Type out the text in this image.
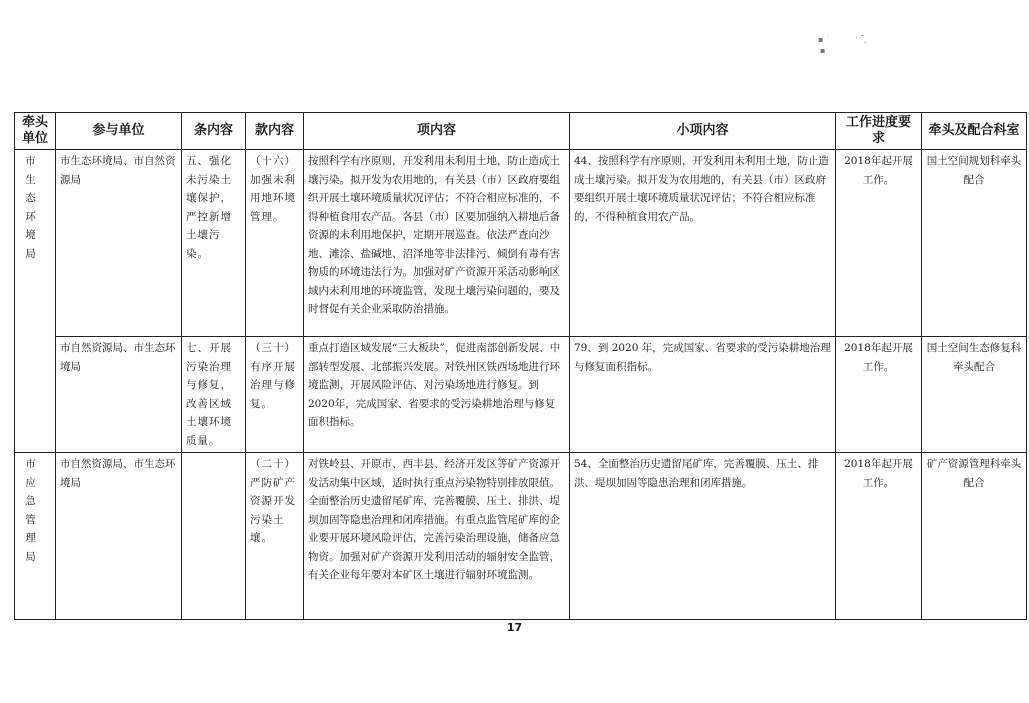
▪ ˙	· ˜‸
▪
牵头单位	参与单位	条内容	款内容	项内容	小项内容	工作进度要求	牵头及配合科室

市生态环境局	市生态环境局、市自然资源局	五、强化未污染土壤保护，严控新增土壤污染。	（十六）加强未利用地环境管理。	按照科学有序原则，开发利用未利用土地，防止造成土壤污染。拟开发为农用地的，有关县（市）区政府要组织开展土壤环境质量状况评估；不符合相应标准的，不得种植食用农产品。各县（市）区要加强纳入耕地后备资源的未利用地保护，定期开展巡查。依法严查向沙地、滩涂、盐碱地、沼泽地等非法排污、倾倒有毒有害物质的环境违法行为。加强对矿产资源开采活动影响区域内未利用地的环境监管，发现土壤污染问题的，要及时督促有关企业采取防治措施。	44、按照科学有序原则，开发利用未利用土地，防止造成土壤污染。拟开发为农用地的，有关县（市）区政府要组织开展土壤环境质量状况评估；不符合相应标准的，不得种植食用农产品。	2018年起开展工作。	国土空间规划科牵头配合
	市自然资源局、市生态环境局	七、开展污染治理与修复，改善区域土壤环境质量。	（三十）有序开展治理与修复。	重点打造区域发展“三大板块”，促进南部创新发展、中部转型发展、北部振兴发展。对铁州区铁西场地进行环境监测，开展风险评估、对污染场地进行修复。到2020年，完成国家、省要求的受污染耕地治理与修复面积指标。	79、到 2020 年，完成国家、省要求的受污染耕地治理与修复面积指标。	2018年起开展工作。	国土空间生态修复科牵头配合

市应急管理局	市自然资源局、市生态环境局		（二十）严防矿产资源开发污染土壤。	对铁岭县、开原市、西丰县、经济开发区等矿产资源开发活动集中区域，适时执行重点污染物特别排放限值。全面整治历史遗留尾矿库，完善覆膜、压土、排洪、堤坝加固等隐患治理和闭库措施。有重点监管尾矿库的企业要开展环境风险评估，完善污染治理设施，储备应急物资。加强对矿产资源开发利用活动的辐射安全监管，有关企业每年要对本矿区土壤进行辐射环境监测。	54、全面整治历史遗留尾矿库，完善覆膜、压土、排洪、堤坝加固等隐患治理和闭库措施。	2018年起开展工作。	矿产资源管理科牵头配合
17
